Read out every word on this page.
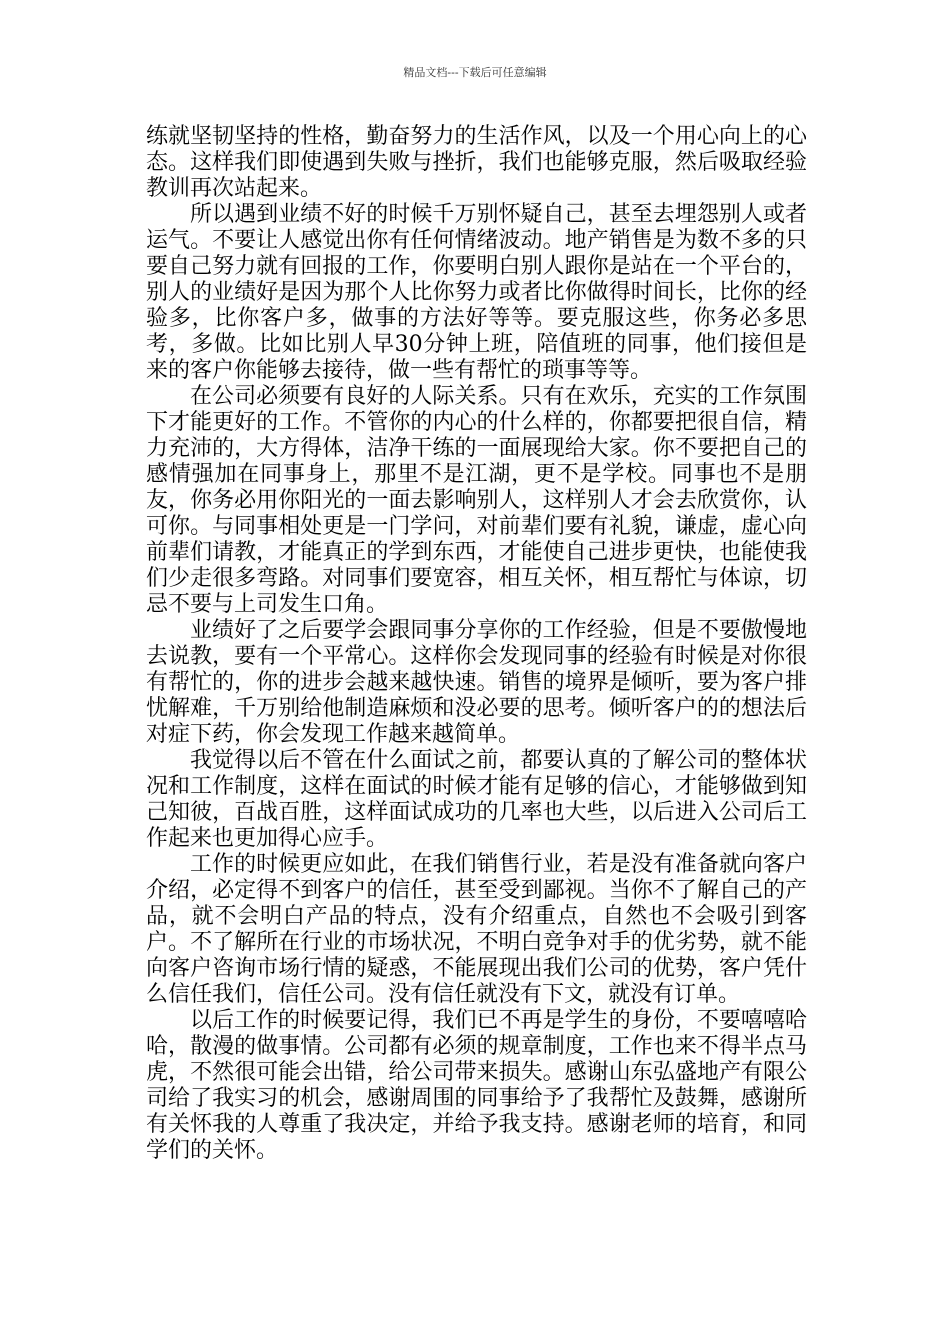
精品文档---下载后可任意编辑

练就坚韧坚持的性格，勤奋努力的生活作风，以及一个用心向上的心态。这样我们即使遇到失败与挫折，我们也能够克服，然后吸取经验教训再次站起来。

所以遇到业绩不好的时候千万别怀疑自己，甚至去埋怨别人或者运气。不要让人感觉出你有任何情绪波动。地产销售是为数不多的只要自己努力就有回报的工作，你要明白别人跟你是站在一个平台的，别人的业绩好是因为那个人比你努力或者比你做得时间长，比你的经验多，比你客户多，做事的方法好等等。要克服这些，你务必多思考，多做。比如比别人早30分钟上班，陪值班的同事，他们接但是来的客户你能够去接待，做一些有帮忙的琐事等等。

在公司必须要有良好的人际关系。只有在欢乐，充实的工作氛围下才能更好的工作。不管你的内心的什么样的，你都要把很自信，精力充沛的，大方得体，洁净干练的一面展现给大家。你不要把自己的感情强加在同事身上，那里不是江湖，更不是学校。同事也不是朋友，你务必用你阳光的一面去影响别人，这样别人才会去欣赏你，认可你。与同事相处更是一门学问，对前辈们要有礼貌，谦虚，虚心向前辈们请教，才能真正的学到东西，才能使自己进步更快，也能使我们少走很多弯路。对同事们要宽容，相互关怀，相互帮忙与体谅，切忌不要与上司发生口角。

业绩好了之后要学会跟同事分享你的工作经验，但是不要傲慢地去说教，要有一个平常心。这样你会发现同事的经验有时候是对你很有帮忙的，你的进步会越来越快速。销售的境界是倾听，要为客户排忧解难，千万别给他制造麻烦和没必要的思考。倾听客户的的想法后对症下药，你会发现工作越来越简单。

我觉得以后不管在什么面试之前，都要认真的了解公司的整体状况和工作制度，这样在面试的时候才能有足够的信心，才能够做到知己知彼，百战百胜，这样面试成功的几率也大些，以后进入公司后工作起来也更加得心应手。

工作的时候更应如此，在我们销售行业，若是没有准备就向客户介绍，必定得不到客户的信任，甚至受到鄙视。当你不了解自己的产品，就不会明白产品的特点，没有介绍重点，自然也不会吸引到客户。不了解所在行业的市场状况，不明白竞争对手的优劣势，就不能向客户咨询市场行情的疑惑，不能展现出我们公司的优势，客户凭什么信任我们，信任公司。没有信任就没有下文，就没有订单。

以后工作的时候要记得，我们已不再是学生的身份，不要嘻嘻哈哈，散漫的做事情。公司都有必须的规章制度，工作也来不得半点马虎，不然很可能会出错，给公司带来损失。感谢山东弘盛地产有限公司给了我实习的机会，感谢周围的同事给予了我帮忙及鼓舞，感谢所有关怀我的人尊重了我决定，并给予我支持。感谢老师的培育，和同学们的关怀。
